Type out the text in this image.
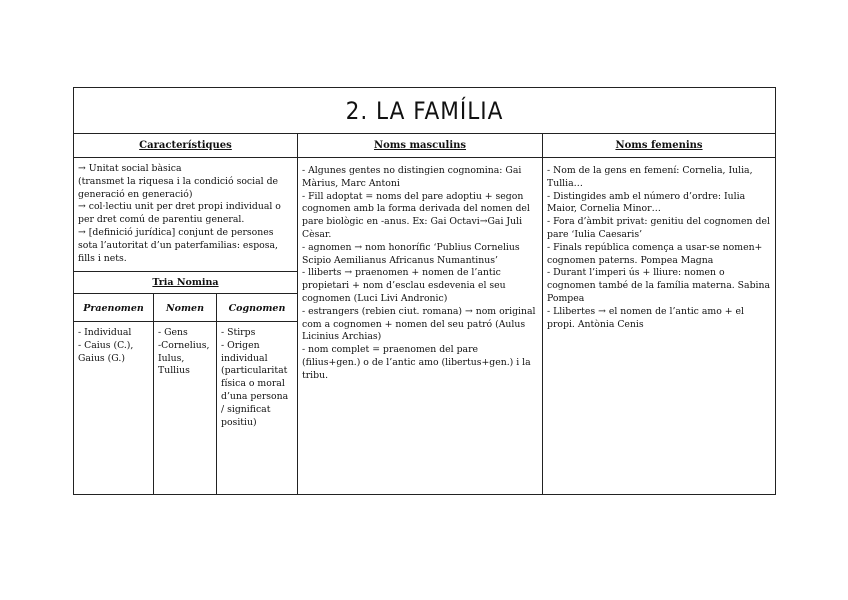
2. LA FAMÍLIA
Característiques

→ Unitat social bàsica

(transmet la riquesa i la condició social de generació en generació)

→ col·lectiu unit per dret propi individual o per dret comú de parentiu general.

→ [definició jurídica] conjunt de persones sota l’autoritat d’un paterfamilias: esposa, fills i nets.

Tria Nomina
Praenomen

- Individual

- Caius (C.), Gaius (G.)

Nomen

- Gens

-Cornelius, Iulus, Tullius

Cognomen

- Stirps

- Origen individual (particularitat física o moral d’una persona / significat positiu)

Noms masculins

- Algunes gentes no distingien cognomina: Gai Màrius, Marc Antoni

- Fill adoptat = noms del pare adoptiu + segon cognomen amb la forma derivada del nomen del pare biològic en -anus. Ex: Gai Octavi→Gai Juli Cèsar.

- agnomen → nom honorífic ‘Publius Cornelius Scipio Aemilianus Africanus Numantinus’

- lliberts → praenomen + nomen de l’antic propietari + nom d’esclau esdevenia el seu cognomen (Luci Livi Andronic)

- estrangers (rebien ciut. romana) → nom original com a cognomen + nomen del seu patró (Aulus Licinius Archias)

- nom complet = praenomen del pare (filius+gen.) o de l’antic amo (libertus+gen.) i la tribu.

Noms femenins

- Nom de la gens en femení: Cornelia, Iulia, Tullia…

- Distingides amb el número d’ordre: Iulia Maior, Cornelia Minor…

- Fora d’àmbit privat: genitiu del cognomen del pare ‘Iulia Caesaris’

- Finals república comença a usar-se nomen+ cognomen paterns. Pompea Magna

- Durant l’imperi ús + lliure: nomen o cognomen també de la família materna. Sabina Pompea

- Llibertes → el nomen de l’antic amo + el propi. Antònia Cenis
